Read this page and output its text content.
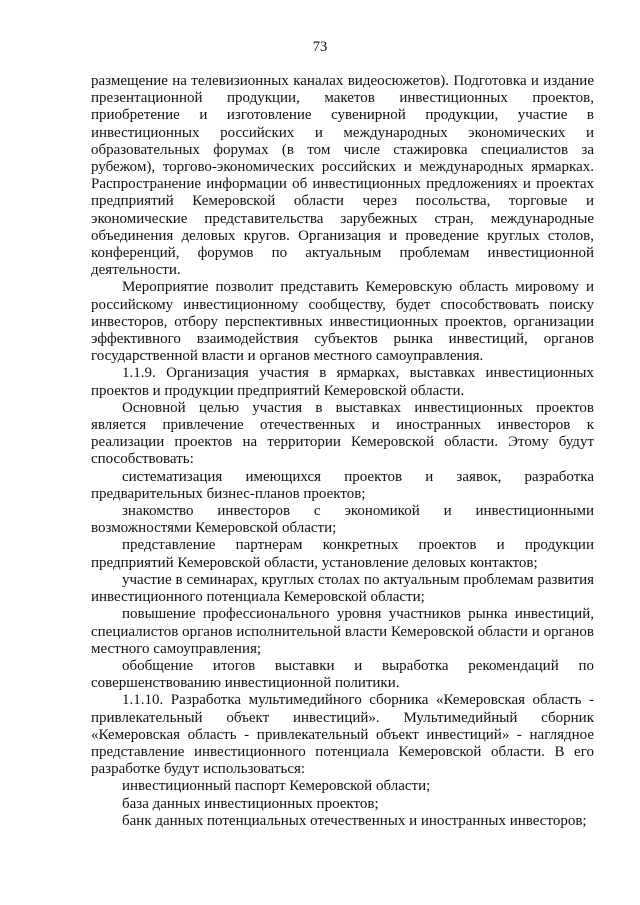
73

размещение на телевизионных каналах видеосюжетов). Подготовка и издание презентационной продукции, макетов инвестиционных проектов, приобретение и изготовление сувенирной продукции, участие в инвестиционных российских и международных экономических и образовательных форумах (в том числе стажировка специалистов за рубежом), торгово-экономических российских и международных ярмарках. Распространение информации об инвестиционных предложениях и проектах предприятий Кемеровской области через посольства, торговые и экономические представительства зарубежных стран, международные объединения деловых кругов. Организация и проведение круглых столов, конференций, форумов по актуальным проблемам инвестиционной деятельности.

Мероприятие позволит представить Кемеровскую область мировому и российскому инвестиционному сообществу, будет способствовать поиску инвесторов, отбору перспективных инвестиционных проектов, организации эффективного взаимодействия субъектов рынка инвестиций, органов государственной власти и органов местного самоуправления.

1.1.9. Организация участия в ярмарках, выставках инвестиционных проектов и продукции предприятий Кемеровской области.

Основной целью участия в выставках инвестиционных проектов является привлечение отечественных и иностранных инвесторов к реализации проектов на территории Кемеровской области. Этому будут способствовать:

систематизация имеющихся проектов и заявок, разработка предварительных бизнес-планов проектов;

знакомство инвесторов с экономикой и инвестиционными возможностями Кемеровской области;

представление партнерам конкретных проектов и продукции предприятий Кемеровской области, установление деловых контактов;

участие в семинарах, круглых столах по актуальным проблемам развития инвестиционного потенциала Кемеровской области;

повышение профессионального уровня участников рынка инвестиций, специалистов органов исполнительной власти Кемеровской области и органов местного самоуправления;

обобщение итогов выставки и выработка рекомендаций по совершенствованию инвестиционной политики.

1.1.10. Разработка мультимедийного сборника «Кемеровская область - привлекательный объект инвестиций». Мультимедийный сборник «Кемеровская область - привлекательный объект инвестиций» - наглядное представление инвестиционного потенциала Кемеровской области. В его разработке будут использоваться:

инвестиционный паспорт Кемеровской области;

база данных инвестиционных проектов;

банк данных потенциальных отечественных и иностранных инвесторов;
